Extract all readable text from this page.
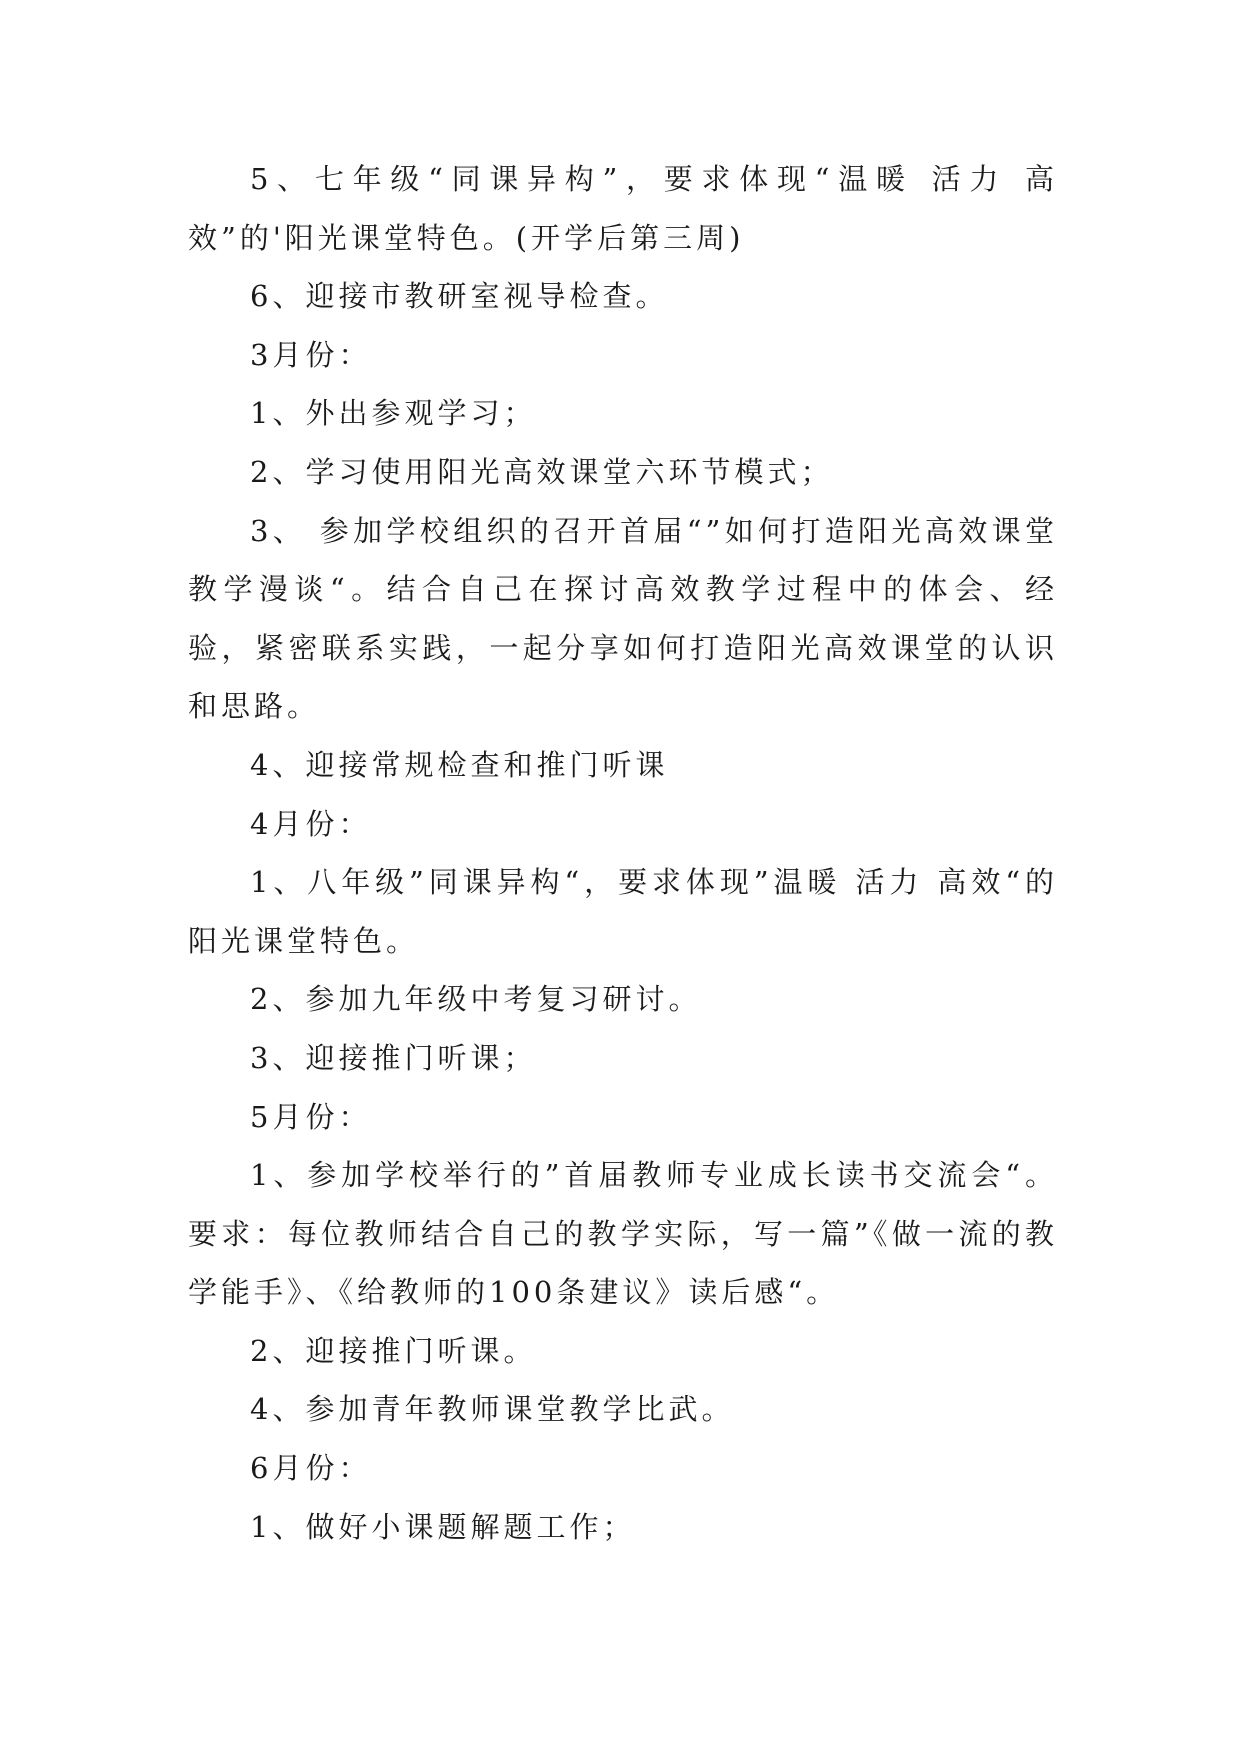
5、七年级“同课异构”，要求体现“温暖 活力 高效”的'阳光课堂特色。(开学后第三周)

6、迎接市教研室视导检查。

3月份：

1、外出参观学习；

2、学习使用阳光高效课堂六环节模式；

3、 参加学校组织的召开首届“”如何打造阳光高效课堂教学漫谈“。结合自己在探讨高效教学过程中的体会、经验，紧密联系实践，一起分享如何打造阳光高效课堂的认识和思路。

4、迎接常规检查和推门听课

4月份：

1、八年级”同课异构“，要求体现”温暖 活力 高效“的阳光课堂特色。

2、参加九年级中考复习研讨。

3、迎接推门听课；

5月份：

1、参加学校举行的”首届教师专业成长读书交流会“。要求：每位教师结合自己的教学实际，写一篇”《做一流的教学能手》、《给教师的100条建议》读后感“。

2、迎接推门听课。

4、参加青年教师课堂教学比武。

6月份：

1、做好小课题解题工作；
